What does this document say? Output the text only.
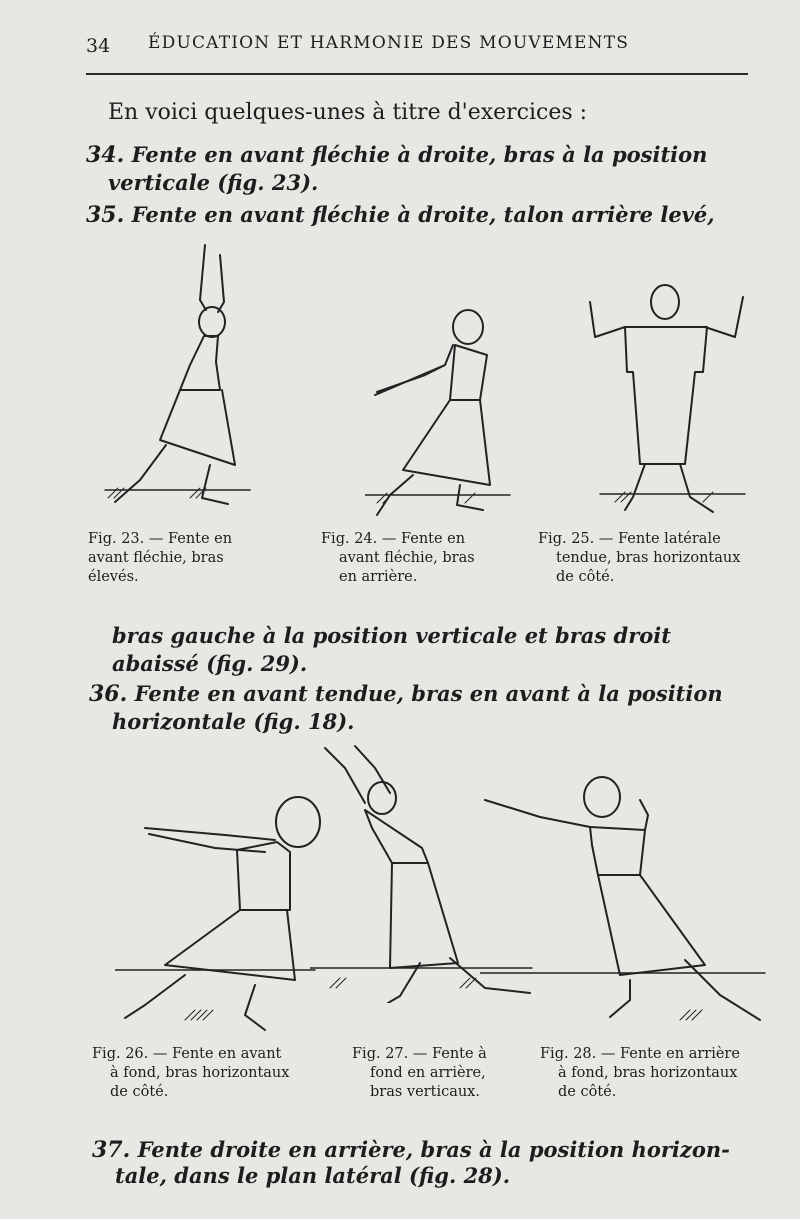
34 ÉDUCATION ET HARMONIE DES MOUVEMENTS
En voici quelques-unes à titre d'exercices :
34. Fente en avant fléchie à droite, bras à la position
verticale (fig. 23).
35. Fente en avant fléchie à droite, talon arrière levé,
Fig. 23. — Fente en
avant fléchie, bras
élevés.
Fig. 24. — Fente en
avant fléchie, bras
en arrière.
Fig. 25. — Fente latérale
tendue, bras horizontaux
de côté.
bras gauche à la position verticale et bras droit
abaissé (fig. 29).
36. Fente en avant tendue, bras en avant à la position
horizontale (fig. 18).
Fig. 26. — Fente en avant
à fond, bras horizontaux
de côté.
Fig. 27. — Fente à
fond en arrière,
bras verticaux.
Fig. 28. — Fente en arrière
à fond, bras horizontaux
de côté.
37. Fente droite en arrière, bras à la position horizon-
tale, dans le plan latéral (fig. 28).
